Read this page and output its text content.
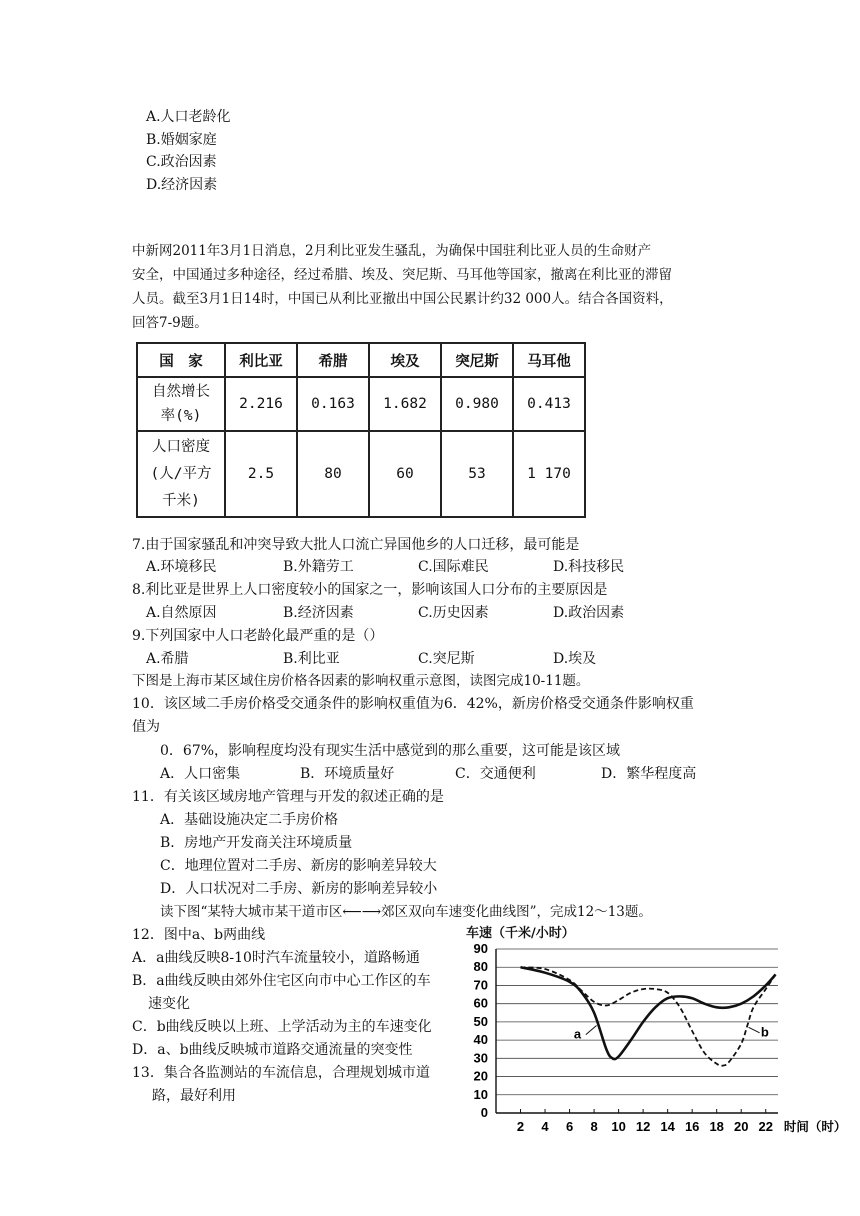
A.人口老龄化
B.婚姻家庭
C.政治因素
D.经济因素
中新网2011年3月1日消息，2月利比亚发生骚乱，为确保中国驻利比亚人员的生命财产
安全，中国通过多种途径，经过希腊、埃及、突尼斯、马耳他等国家，撤离在利比亚的滞留
人员。截至3月1日14时，中国已从利比亚撤出中国公民累计约32 000人。结合各国资料，
回答7-9题。
国　家	利比亚	希腊	埃及	突尼斯	马耳他

自然增长
率(%)	2.216	0.163	1.682	0.980	0.413

人口密度
(人/平方
千米)	2.5	80	60	53	1 170
7.由于国家骚乱和冲突导致大批人口流亡异国他乡的人口迁移，最可能是
A.环境移民	B.外籍劳工	C.国际难民	D.科技移民
8.利比亚是世界上人口密度较小的国家之一，影响该国人口分布的主要原因是
A.自然原因	B.经济因素	C.历史因素	D.政治因素
9.下列国家中人口老龄化最严重的是（）
A.希腊	B.利比亚	C.突尼斯	D.埃及
下图是上海市某区域住房价格各因素的影响权重示意图，读图完成10-11题。
10．该区域二手房价格受交通条件的影响权重值为6．42%，新房价格受交通条件影响权重
值为
0．67%，影响程度均没有现实生活中感觉到的那么重要，这可能是该区域
A．人口密集	B．环境质量好	C．交通便利	D．繁华程度高
11．有关该区域房地产管理与开发的叙述正确的是
A．基础设施决定二手房价格
B．房地产开发商关注环境质量
C．地理位置对二手房、新房的影响差异较大
D．人口状况对二手房、新房的影响差异较小
读下图“某特大城市某干道市区⟵⟶郊区双向车速变化曲线图”，完成12～13题。
12．图中a、b两曲线
A．a曲线反映8-10时汽车流量较小，道路畅通
B．a曲线反映由郊外住宅区向市中心工作区的车
速变化
C．b曲线反映以上班、上学活动为主的车速变化
D．a、b曲线反映城市道路交通流量的突变性
13．集合各监测站的车流信息，合理规划城市道
路，最好利用
车速（千米/小时）
a	b
0
10
20
30
40
50
60
70
80
90
2 4 6 8 10 12 14 16 18 20 22 时间（时）
